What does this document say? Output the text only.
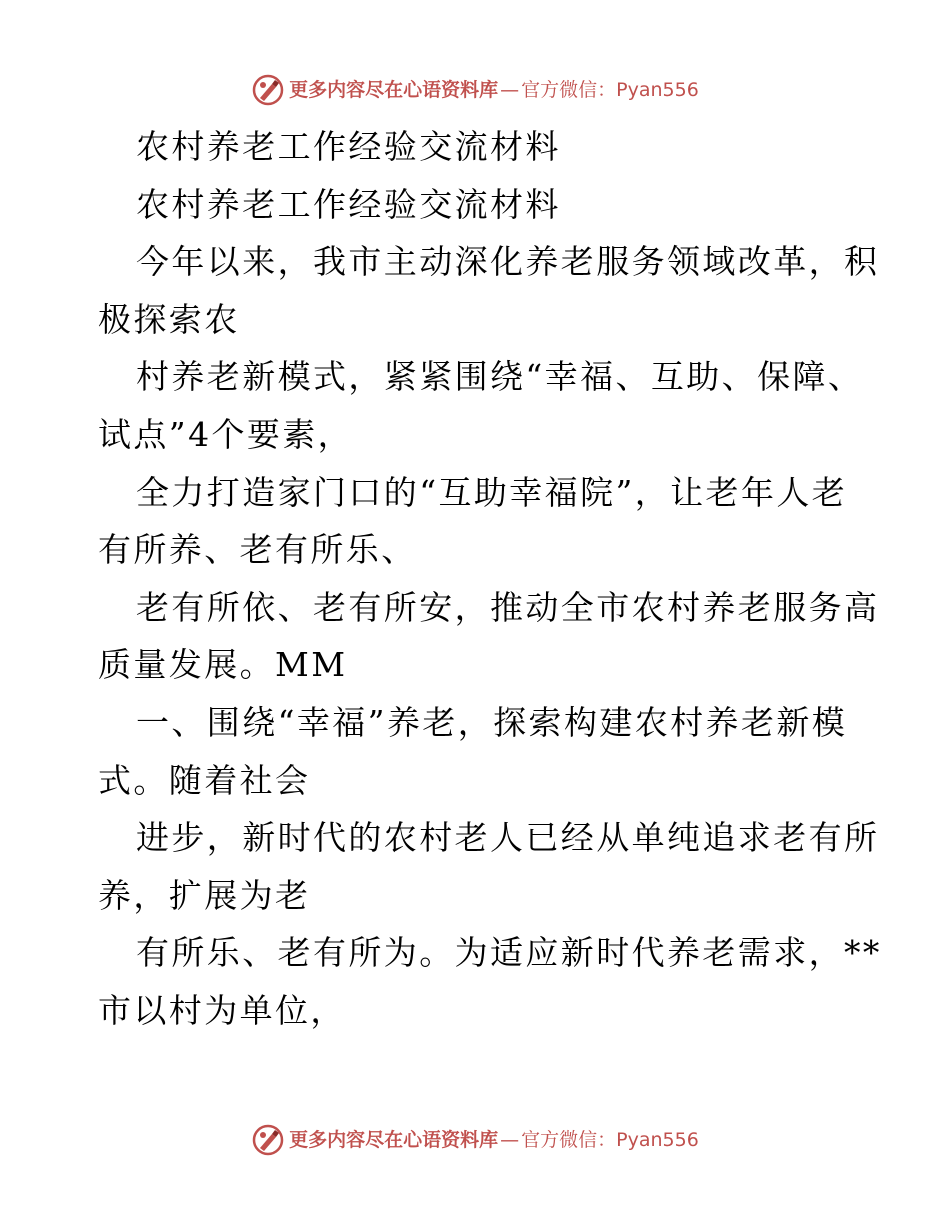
更多内容尽在心语资料库 — 官方微信：Pyan556
农村养老工作经验交流材料
农村养老工作经验交流材料
今年以来，我市主动深化养老服务领域改革，积
极探索农
村养老新模式，紧紧围绕“幸福、互助、保障、
试点”4个要素，
全力打造家门口的“互助幸福院”，让老年人老
有所养、老有所乐、
老有所依、老有所安，推动全市农村养老服务高
质量发展。MM
一、围绕“幸福”养老，探索构建农村养老新模
式。随着社会
进步，新时代的农村老人已经从单纯追求老有所
养，扩展为老
有所乐、老有所为。为适应新时代养老需求，**
市以村为单位，
更多内容尽在心语资料库 — 官方微信：Pyan556
